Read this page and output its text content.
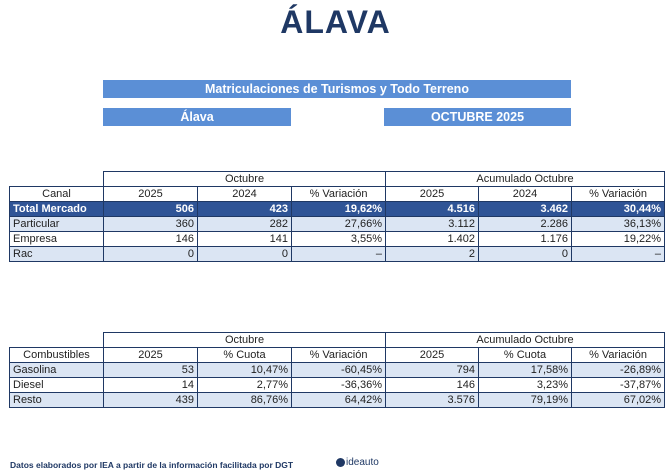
ÁLAVA
Matriculaciones de Turismos y Todo Terreno
Álava	OCTUBRE 2025
	Octubre			Acumulado Octubre		
Canal	2025	2024	% Variación	2025	2024	% Variación
Total Mercado	506	423	19,62%	4.516	3.462	30,44%
Particular	360	282	27,66%	3.112	2.286	36,13%
Empresa	146	141	3,55%	1.402	1.176	19,22%
Rac	0	0	–	2	0	–
	Octubre			Acumulado Octubre		
Combustibles	2025	% Cuota	% Variación	2025	% Cuota	% Variación
Gasolina	53	10,47%	-60,45%	794	17,58%	-26,89%
Diesel	14	2,77%	-36,36%	146	3,23%	-37,87%
Resto	439	86,76%	64,42%	3.576	79,19%	67,02%
Datos elaborados por IEA a partir de la información facilitada por DGT	ideauto
